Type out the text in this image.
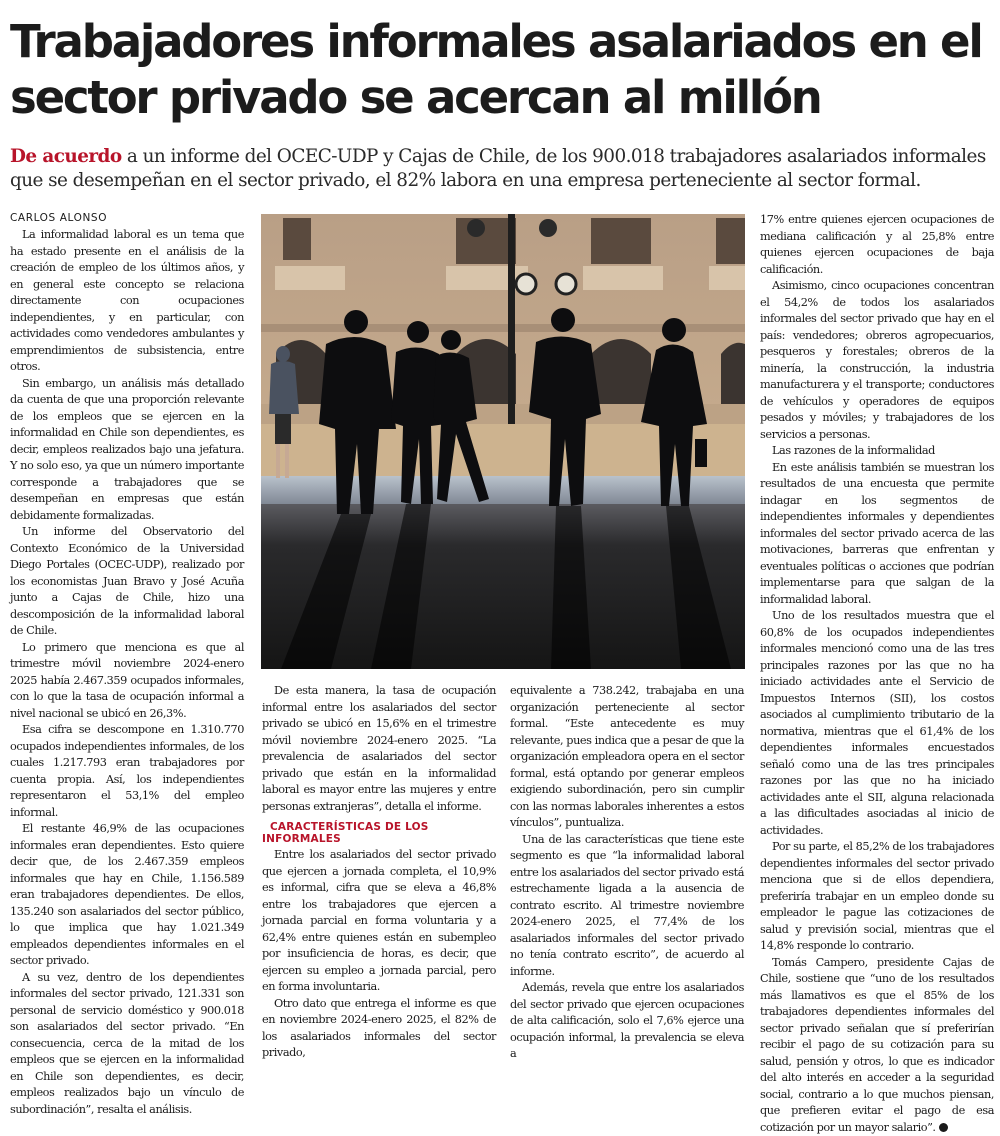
Trabajadores informales asalariados en el
sector privado se acercan al millón

De acuerdo a un informe del OCEC-UDP y Cajas de Chile, de los 900.018 trabajadores asalariados informales
que se desempeñan en el sector privado, el 82% labora en una empresa perteneciente al sector formal.

CARLOS ALONSO

La informalidad laboral es un tema que ha estado presente en el análisis de la creación de empleo de los últimos años, y en general este concepto se relaciona directamente con ocupaciones independientes, y en particular, con actividades como vendedores ambulantes y emprendimientos de subsistencia, entre otros.

Sin embargo, un análisis más detallado da cuenta de que una proporción relevante de los empleos que se ejercen en la informalidad en Chile son dependientes, es decir, empleos realizados bajo una jefatura. Y no solo eso, ya que un número importante corresponde a trabajadores que se desempeñan en empresas que están debidamente formalizadas.

Un informe del Observatorio del Contexto Económico de la Universidad Diego Portales (OCEC-UDP), realizado por los economistas Juan Bravo y José Acuña junto a Cajas de Chile, hizo una descomposición de la informalidad laboral de Chile.

Lo primero que menciona es que al trimestre móvil noviembre 2024-enero 2025 había 2.467.359 ocupados informales, con lo que la tasa de ocupación informal a nivel nacional se ubicó en 26,3%.

Esa cifra se descompone en 1.310.770 ocupados independientes informales, de los cuales 1.217.793 eran trabajadores por cuenta propia. Así, los independientes representaron el 53,1% del empleo informal.

El restante 46,9% de las ocupaciones informales eran dependientes. Esto quiere decir que, de los 2.467.359 empleos informales que hay en Chile, 1.156.589 eran trabajadores dependientes. De ellos, 135.240 son asalariados del sector público, lo que implica que hay 1.021.349 empleados dependientes informales en el sector privado.

A su vez, dentro de los dependientes informales del sector privado, 121.331 son personal de servicio doméstico y 900.018 son asalariados del sector privado. “En consecuencia, cerca de la mitad de los empleos que se ejercen en la informalidad en Chile son dependientes, es decir, empleos realizados bajo un vínculo de subordinación”, resalta el análisis.

De esta manera, la tasa de ocupación informal entre los asalariados del sector privado se ubicó en 15,6% en el trimestre móvil noviembre 2024-enero 2025. “La prevalencia de asalariados del sector privado que están en la informalidad laboral es mayor entre las mujeres y entre personas extranjeras”, detalla el informe.

CARACTERÍSTICAS DE LOS INFORMALES

Entre los asalariados del sector privado que ejercen a jornada completa, el 10,9% es informal, cifra que se eleva a 46,8% entre los trabajadores que ejercen a jornada parcial en forma voluntaria y a 62,4% entre quienes están en subempleo por insuficiencia de horas, es decir, que ejercen su empleo a jornada parcial, pero en forma involuntaria.

Otro dato que entrega el informe es que en noviembre 2024-enero 2025, el 82% de los asalariados informales del sector privado,

equivalente a 738.242, trabajaba en una organización perteneciente al sector formal. “Este antecedente es muy relevante, pues indica que a pesar de que la organización empleadora opera en el sector formal, está optando por generar empleos exigiendo subordinación, pero sin cumplir con las normas laborales inherentes a estos vínculos”, puntualiza.

Una de las características que tiene este segmento es que “la informalidad laboral entre los asalariados del sector privado está estrechamente ligada a la ausencia de contrato escrito. Al trimestre noviembre 2024-enero 2025, el 77,4% de los asalariados informales del sector privado no tenía contrato escrito”, de acuerdo al informe.

Además, revela que entre los asalariados del sector privado que ejercen ocupaciones de alta calificación, solo el 7,6% ejerce una ocupación informal, la prevalencia se eleva a

17% entre quienes ejercen ocupaciones de mediana calificación y al 25,8% entre quienes ejercen ocupaciones de baja calificación.

Asimismo, cinco ocupaciones concentran el 54,2% de todos los asalariados informales del sector privado que hay en el país: vendedores; obreros agropecuarios, pesqueros y forestales; obreros de la minería, la construcción, la industria manufacturera y el transporte; conductores de vehículos y operadores de equipos pesados y móviles; y trabajadores de los servicios a personas.

Las razones de la informalidad

En este análisis también se muestran los resultados de una encuesta que permite indagar en los segmentos de independientes informales y dependientes informales del sector privado acerca de las motivaciones, barreras que enfrentan y eventuales políticas o acciones que podrían implementarse para que salgan de la informalidad laboral.

Uno de los resultados muestra que el 60,8% de los ocupados independientes informales mencionó como una de las tres principales razones por las que no ha iniciado actividades ante el Servicio de Impuestos Internos (SII), los costos asociados al cumplimiento tributario de la normativa, mientras que el 61,4% de los dependientes informales encuestados señaló como una de las tres principales razones por las que no ha iniciado actividades ante el SII, alguna relacionada a las dificultades asociadas al inicio de actividades.

Por su parte, el 85,2% de los trabajadores dependientes informales del sector privado menciona que si de ellos dependiera, preferiría trabajar en un empleo donde su empleador le pague las cotizaciones de salud y previsión social, mientras que el 14,8% responde lo contrario.

Tomás Campero, presidente Cajas de Chile, sostiene que “uno de los resultados más llamativos es que el 85% de los trabajadores dependientes informales del sector privado señalan que sí preferirían recibir el pago de su cotización para su salud, pensión y otros, lo que es indicador del alto interés en acceder a la seguridad social, contrario a lo que muchos piensan, que prefieren evitar el pago de esa cotización por un mayor salario”.
